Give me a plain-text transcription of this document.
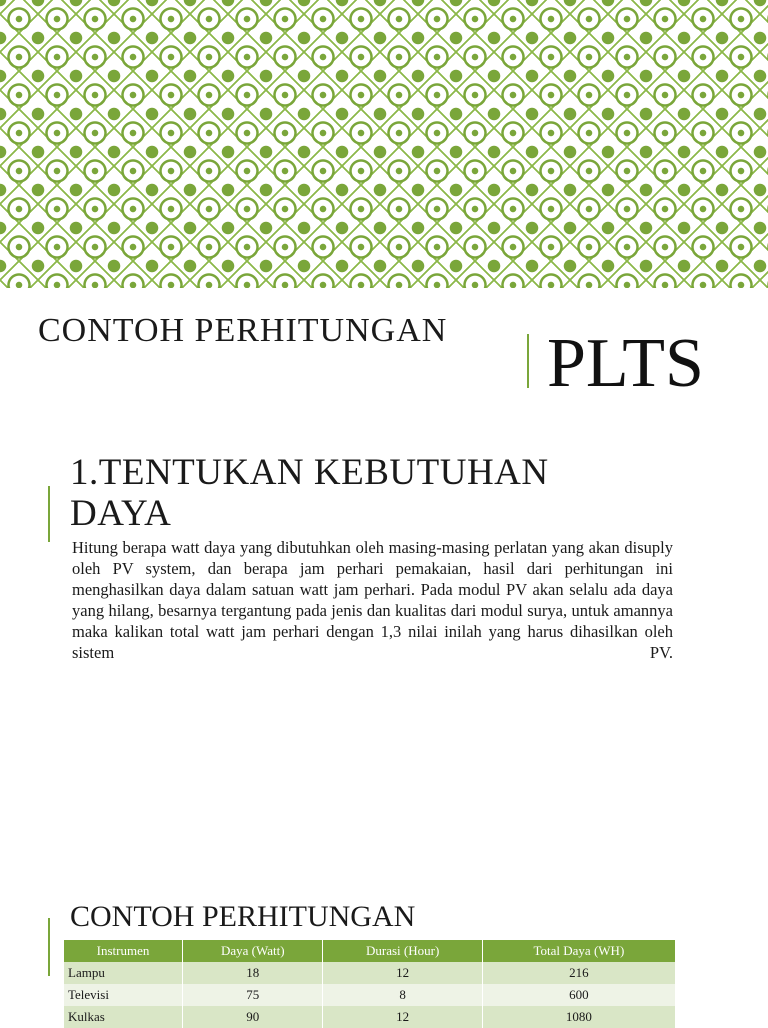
CONTOH PERHITUNGAN PLTS
1.TENTUKAN KEBUTUHAN DAYA
Hitung berapa watt daya yang dibutuhkan oleh masing-masing perlatan yang akan disuply oleh PV system, dan berapa jam perhari pemakaian, hasil dari perhitungan ini menghasilkan daya dalam satuan watt jam perhari. Pada modul PV akan selalu ada daya yang hilang, besarnya tergantung pada jenis dan kualitas dari modul surya, untuk amannya maka kalikan total watt jam perhari dengan 1,3 nilai inilah yang harus dihasilkan oleh sistem PV.
CONTOH PERHITUNGAN
Instrumen	Daya (Watt)	Durasi (Hour)	Total Daya (WH)
Lampu	18	12	216
Televisi	75	8	600
Kulkas	90	12	1080
